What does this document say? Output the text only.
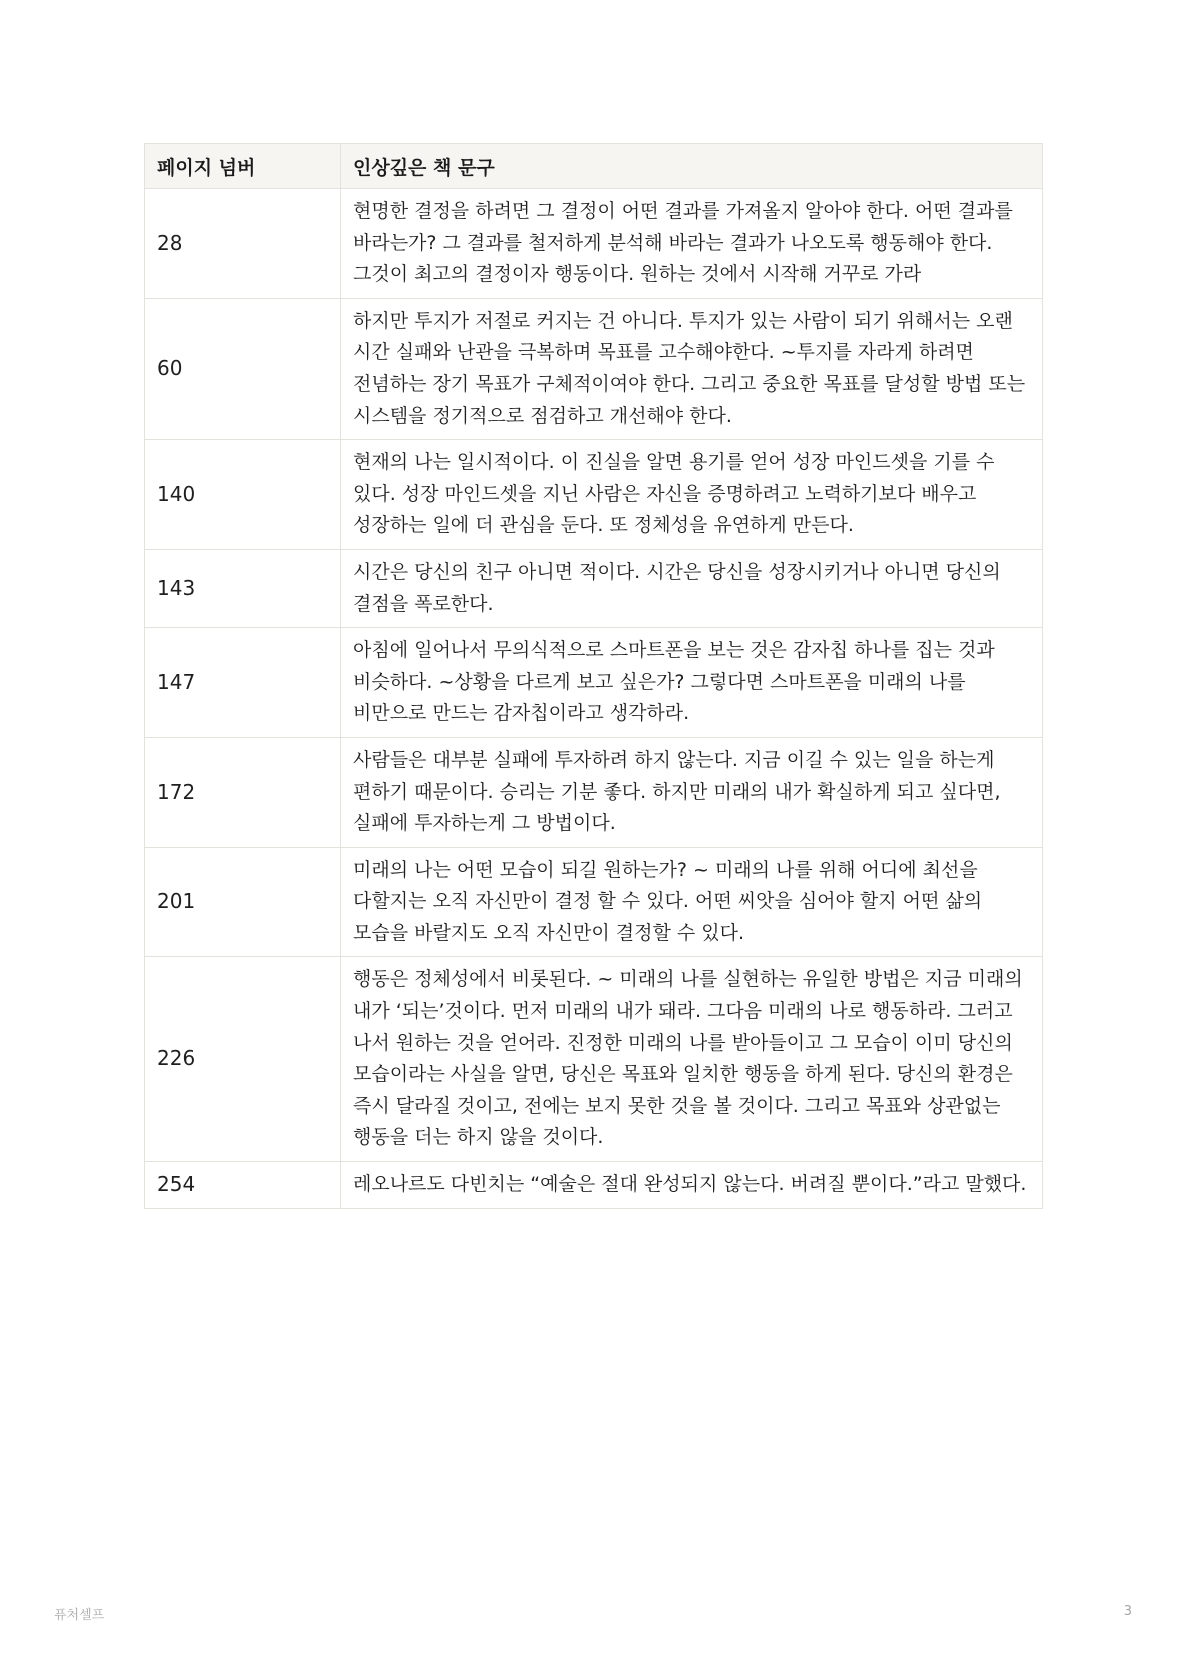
페이지 넘버	인상깊은 책 문구
28	현명한 결정을 하려면 그 결정이 어떤 결과를 가져올지 알아야 한다. 어떤 결과를 바라는가? 그 결과를 철저하게 분석해 바라는 결과가 나오도록 행동해야 한다. 그것이 최고의 결정이자 행동이다. 원하는 것에서 시작해 거꾸로 가라
60	하지만 투지가 저절로 커지는 건 아니다. 투지가 있는 사람이 되기 위해서는 오랜 시간 실패와 난관을 극복하며 목표를 고수해야한다. ~투지를 자라게 하려면 전념하는 장기 목표가 구체적이여야 한다. 그리고 중요한 목표를 달성할 방법 또는 시스템을 정기적으로 점검하고 개선해야 한다.
140	현재의 나는 일시적이다. 이 진실을 알면 용기를 얻어 성장 마인드셋을 기를 수 있다. 성장 마인드셋을 지닌 사람은 자신을 증명하려고 노력하기보다 배우고 성장하는 일에 더 관심을 둔다. 또 정체성을 유연하게 만든다.
143	시간은 당신의 친구 아니면 적이다. 시간은 당신을 성장시키거나 아니면 당신의 결점을 폭로한다.
147	아침에 일어나서 무의식적으로 스마트폰을 보는 것은 감자칩 하나를 집는 것과 비슷하다. ~상황을 다르게 보고 싶은가? 그렇다면 스마트폰을 미래의 나를 비만으로 만드는 감자칩이라고 생각하라.
172	사람들은 대부분 실패에 투자하려 하지 않는다. 지금 이길 수 있는 일을 하는게 편하기 때문이다. 승리는 기분 좋다. 하지만 미래의 내가 확실하게 되고 싶다면, 실패에 투자하는게 그 방법이다.
201	미래의 나는 어떤 모습이 되길 원하는가? ~ 미래의 나를 위해 어디에 최선을 다할지는 오직 자신만이 결정 할 수 있다. 어떤 씨앗을 심어야 할지 어떤 삶의 모습을 바랄지도 오직 자신만이 결정할 수 있다.
226	행동은 정체성에서 비롯된다. ~ 미래의 나를 실현하는 유일한 방법은 지금 미래의 내가 ‘되는’것이다. 먼저 미래의 내가 돼라. 그다음 미래의 나로 행동하라. 그러고 나서 원하는 것을 얻어라. 진정한 미래의 나를 받아들이고 그 모습이 이미 당신의 모습이라는 사실을 알면, 당신은 목표와 일치한 행동을 하게 된다. 당신의 환경은 즉시 달라질 것이고, 전에는 보지 못한 것을 볼 것이다. 그리고 목표와 상관없는 행동을 더는 하지 않을 것이다.
254	레오나르도 다빈치는 “예술은 절대 완성되지 않는다. 버려질 뿐이다.”라고 말했다.
퓨처셀프	3
